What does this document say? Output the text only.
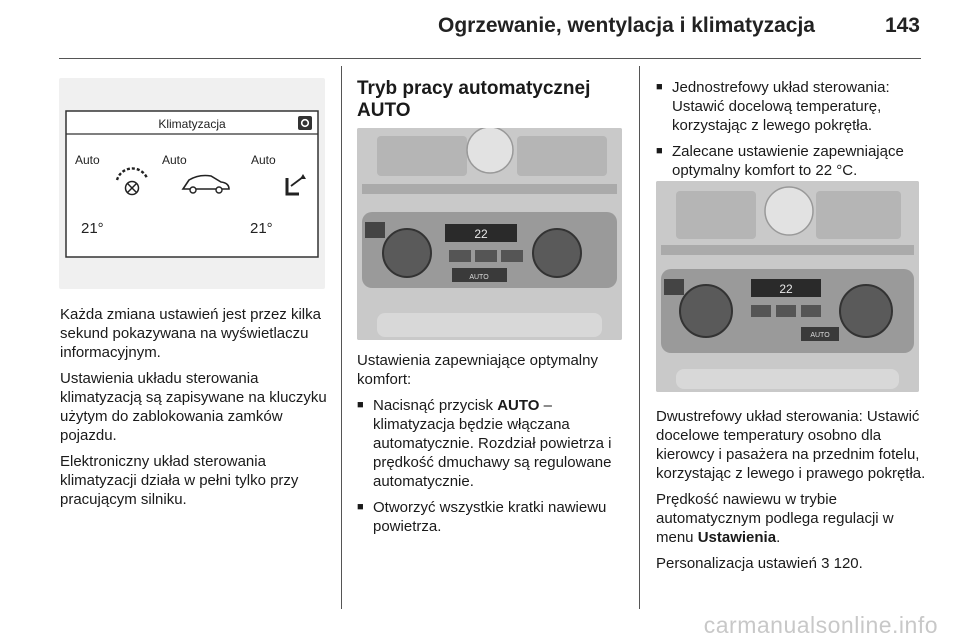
Ogrzewanie, wentylacja i klimatyzacja	143
Klimatyzacja
Auto	Auto	Auto
21°	21°

Każda zmiana ustawień jest przez kilka sekund pokazywana na wyświetlaczu informacyjnym.

Ustawienia układu sterowania klimatyzacją są zapisywane na kluczyku użytym do zablokowania zamków pojazdu.

Elektroniczny układ sterowania klimatyzacji działa w pełni tylko przy pracującym silniku.

Tryb pracy automatycznej AUTO
22
AUTO

Ustawienia zapewniające optymalny komfort:

■ Nacisnąć przycisk AUTO – klimatyzacja będzie włączana automatycznie. Rozdział powietrza i prędkość dmuchawy są regulowane automatycznie.
■ Otworzyć wszystkie kratki nawiewu powietrza.
■ Jednostrefowy układ sterowania: Ustawić docelową temperaturę, korzystając z lewego pokrętła.
■ Zalecane ustawienie zapewniające optymalny komfort to 22 °C.
22
AUTO

Dwustrefowy układ sterowania: Ustawić docelowe temperatury osobno dla kierowcy i pasażera na przednim fotelu, korzystając z lewego i prawego pokrętła.

Prędkość nawiewu w trybie automatycznym podlega regulacji w menu Ustawienia.

Personalizacja ustawień 3 120.

carmanualsonline.info
